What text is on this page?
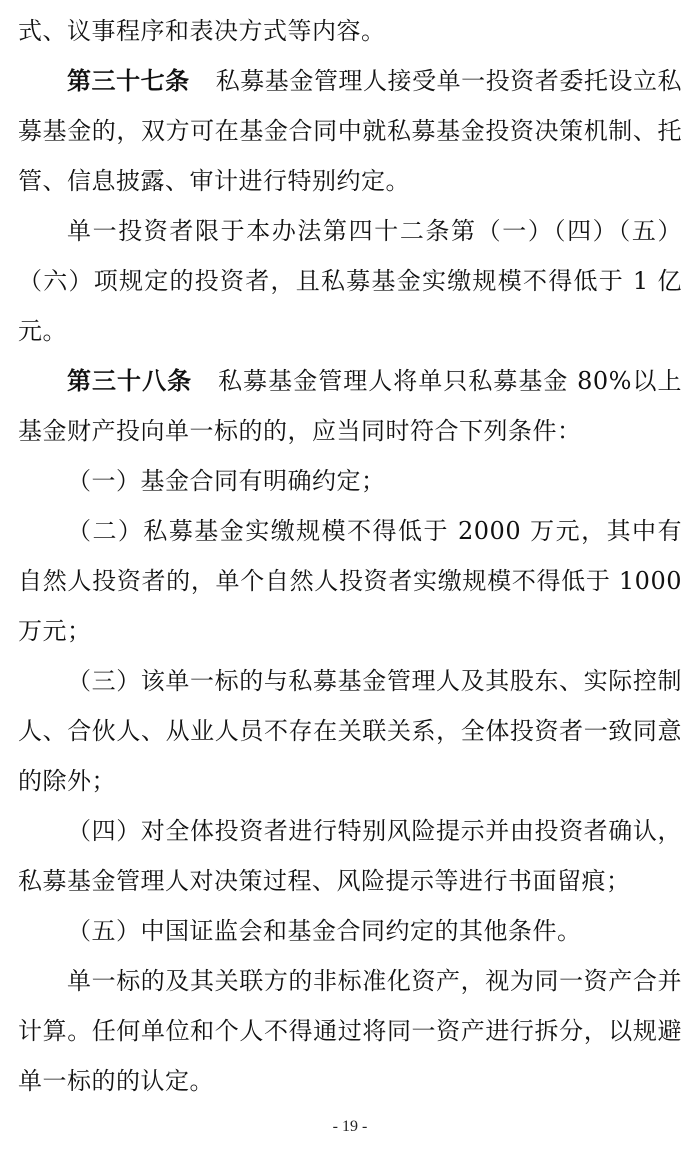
式、议事程序和表决方式等内容。

第三十七条 私募基金管理人接受单一投资者委托设立私募基金的，双方可在基金合同中就私募基金投资决策机制、托管、信息披露、审计进行特别约定。

单一投资者限于本办法第四十二条第（一）（四）（五）（六）项规定的投资者，且私募基金实缴规模不得低于 1 亿元。

第三十八条 私募基金管理人将单只私募基金 80%以上基金财产投向单一标的的，应当同时符合下列条件：

（一）基金合同有明确约定；

（二）私募基金实缴规模不得低于 2000 万元，其中有自然人投资者的，单个自然人投资者实缴规模不得低于 1000 万元；

（三）该单一标的与私募基金管理人及其股东、实际控制人、合伙人、从业人员不存在关联关系，全体投资者一致同意的除外；

（四）对全体投资者进行特别风险提示并由投资者确认，私募基金管理人对决策过程、风险提示等进行书面留痕；

（五）中国证监会和基金合同约定的其他条件。

单一标的及其关联方的非标准化资产，视为同一资产合并计算。任何单位和个人不得通过将同一资产进行拆分，以规避单一标的的认定。

- 19 -
